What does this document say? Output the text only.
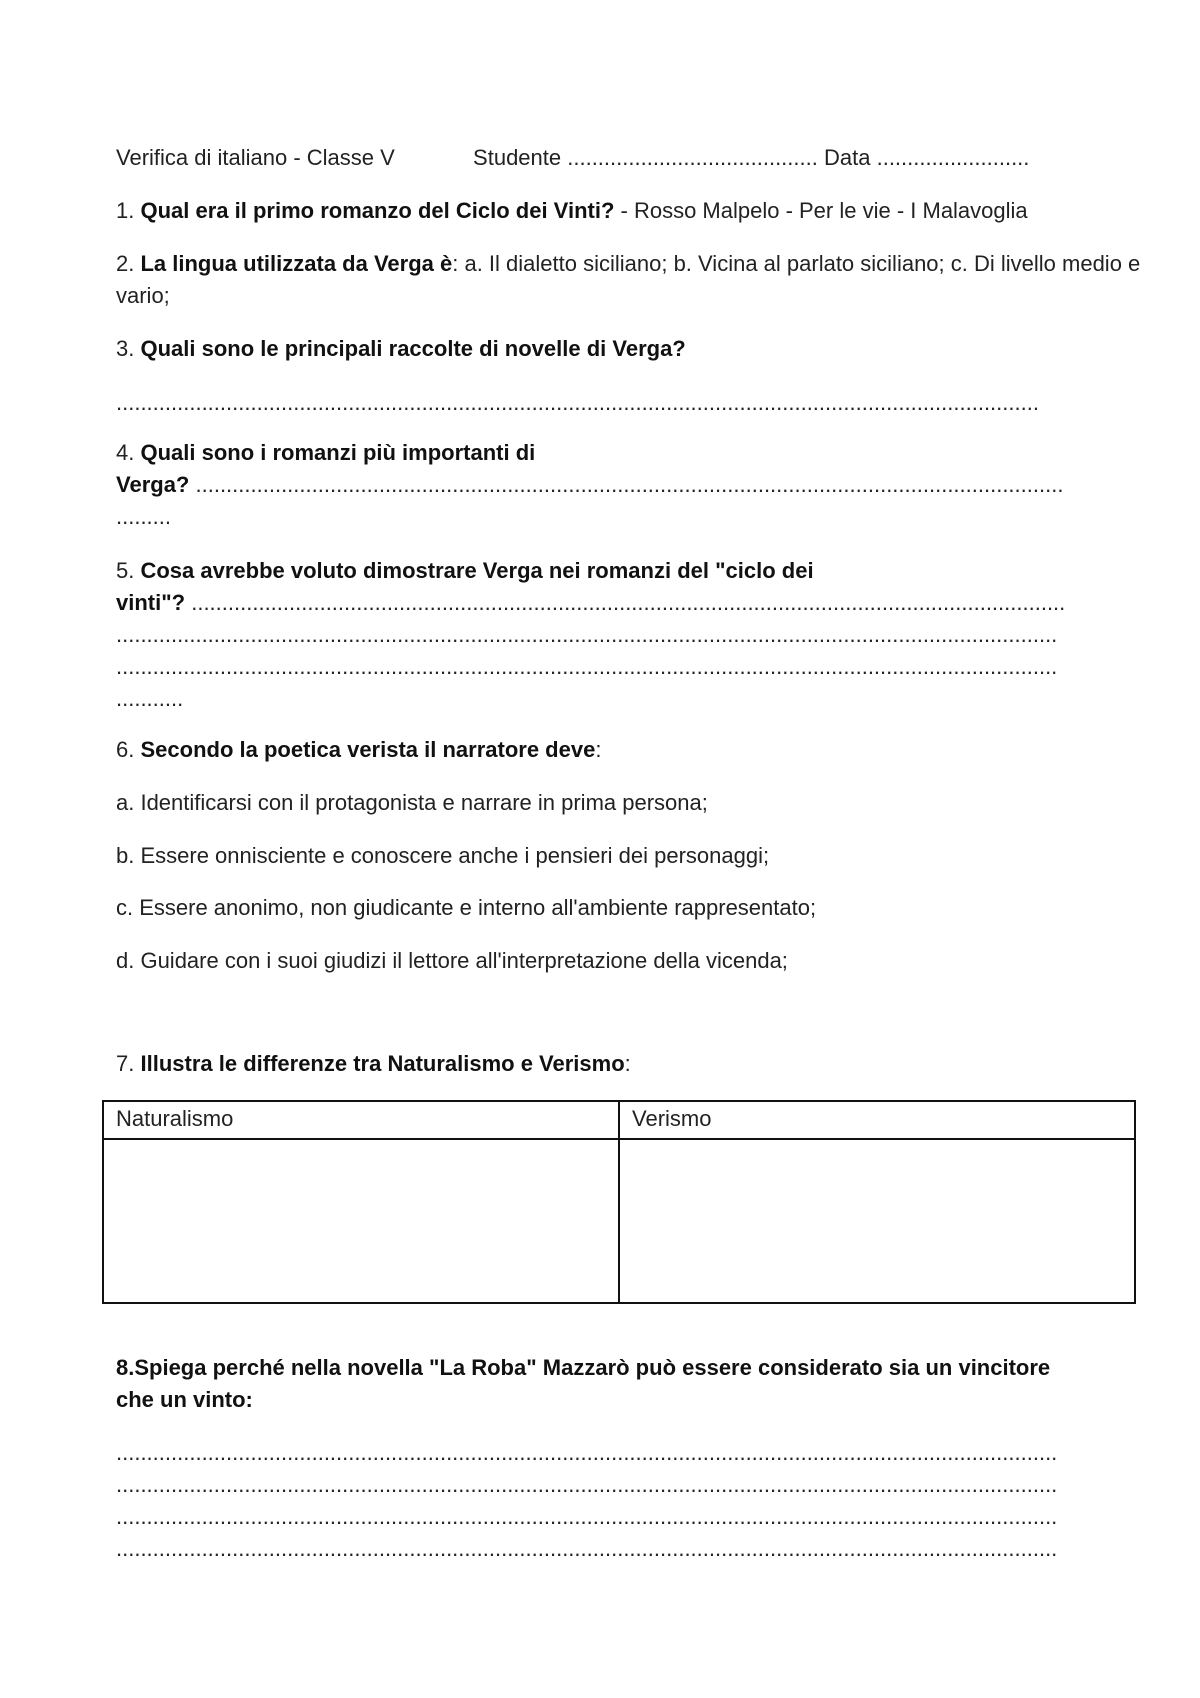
Verifica di italiano - Classe V	Studente ......................................... Data .........................
1. Qual era il primo romanzo del Ciclo dei Vinti? - Rosso Malpelo - Per le vie - I Malavoglia
2. La lingua utilizzata da Verga è: a. Il dialetto siciliano; b. Vicina al parlato siciliano; c. Di livello medio e vario;
3. Quali sono le principali raccolte di novelle di Verga?
.......................................................................................................................................................
4. Quali sono i romanzi più importanti di
Verga? ..............................................................................................................................................
.........
5. Cosa avrebbe voluto dimostrare Verga nei romanzi del "ciclo dei
vinti"? ...............................................................................................................................................
..........................................................................................................................................................
..........................................................................................................................................................
...........
6. Secondo la poetica verista il narratore deve:
a. Identificarsi con il protagonista e narrare in prima persona;
b. Essere onnisciente e conoscere anche i pensieri dei personaggi;
c. Essere anonimo, non giudicante e interno all'ambiente rappresentato;
d. Guidare con i suoi giudizi il lettore all'interpretazione della vicenda;
7. Illustra le differenze tra Naturalismo e Verismo:
Naturalismo	Verismo

8.Spiega perché nella novella "La Roba" Mazzarò può essere considerato sia un vincitore
che un vinto:
..........................................................................................................................................................
..........................................................................................................................................................
..........................................................................................................................................................
..........................................................................................................................................................
